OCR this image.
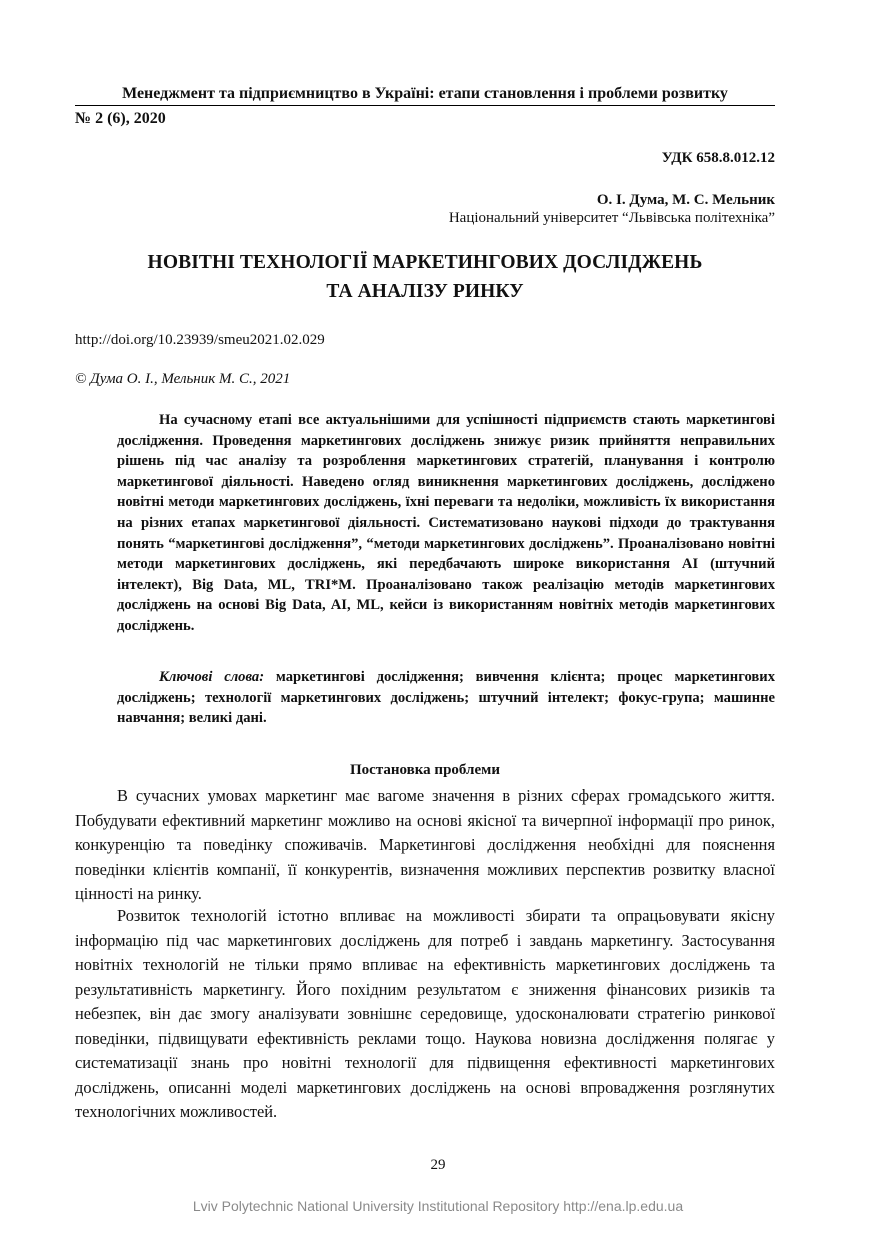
Менеджмент та підприємництво в Україні: етапи становлення і проблеми розвитку
№ 2 (6), 2020
УДК 658.8.012.12
О. І. Дума, М. С. Мельник
Національний університет “Львівська політехніка”
НОВІТНІ ТЕХНОЛОГІЇ МАРКЕТИНГОВИХ ДОСЛІДЖЕНЬ
ТА АНАЛІЗУ РИНКУ
http://doi.org/10.23939/smeu2021.02.029
© Дума О. І., Мельник М. С., 2021

На сучасному етапі все актуальнішими для успішності підприємств стають маркетингові дослідження. Проведення маркетингових досліджень знижує ризик прийняття неправильних рішень під час аналізу та розроблення маркетингових стратегій, планування і контролю маркетингової діяльності. Наведено огляд виникнення маркетингових досліджень, досліджено новітні методи маркетингових досліджень, їхні переваги та недоліки, можливість їх використання на різних етапах маркетингової діяльності. Систематизовано наукові підходи до трактування понять “маркетингові дослідження”, “методи маркетингових досліджень”. Проаналізовано новітні методи маркетингових досліджень, які передбачають широке використання AI (штучний інтелект), Big Data, ML, TRI*M. Проаналізовано також реалізацію методів маркетингових досліджень на основі Big Data, AI, ML, кейси із використанням новітніх методів маркетингових досліджень.

Ключові слова: маркетингові дослідження; вивчення клієнта; процес маркетингових досліджень; технології маркетингових досліджень; штучний інтелект; фокус-група; машинне навчання; великі дані.

Постановка проблеми

В сучасних умовах маркетинг має вагоме значення в різних сферах громадського життя. Побудувати ефективний маркетинг можливо на основі якісної та вичерпної інформації про ринок, конкуренцію та поведінку споживачів. Маркетингові дослідження необхідні для пояснення поведінки клієнтів компанії, її конкурентів, визначення можливих перспектив розвитку власної цінності на ринку.

Розвиток технологій істотно впливає на можливості збирати та опрацьовувати якісну інформацію під час маркетингових досліджень для потреб і завдань маркетингу. Застосування новітніх технологій не тільки прямо впливає на ефективність маркетингових досліджень та результативність маркетингу. Його похідним результатом є зниження фінансових ризиків та небезпек, він дає змогу аналізувати зовнішнє середовище, удосконалювати стратегію ринкової поведінки, підвищувати ефективність реклами тощо. Наукова новизна дослідження полягає у систематизації знань про новітні технології для підвищення ефективності маркетингових досліджень, описанні моделі маркетингових досліджень на основі впровадження розглянутих технологічних можливостей.

29
Lviv Polytechnic National University Institutional Repository http://ena.lp.edu.ua
